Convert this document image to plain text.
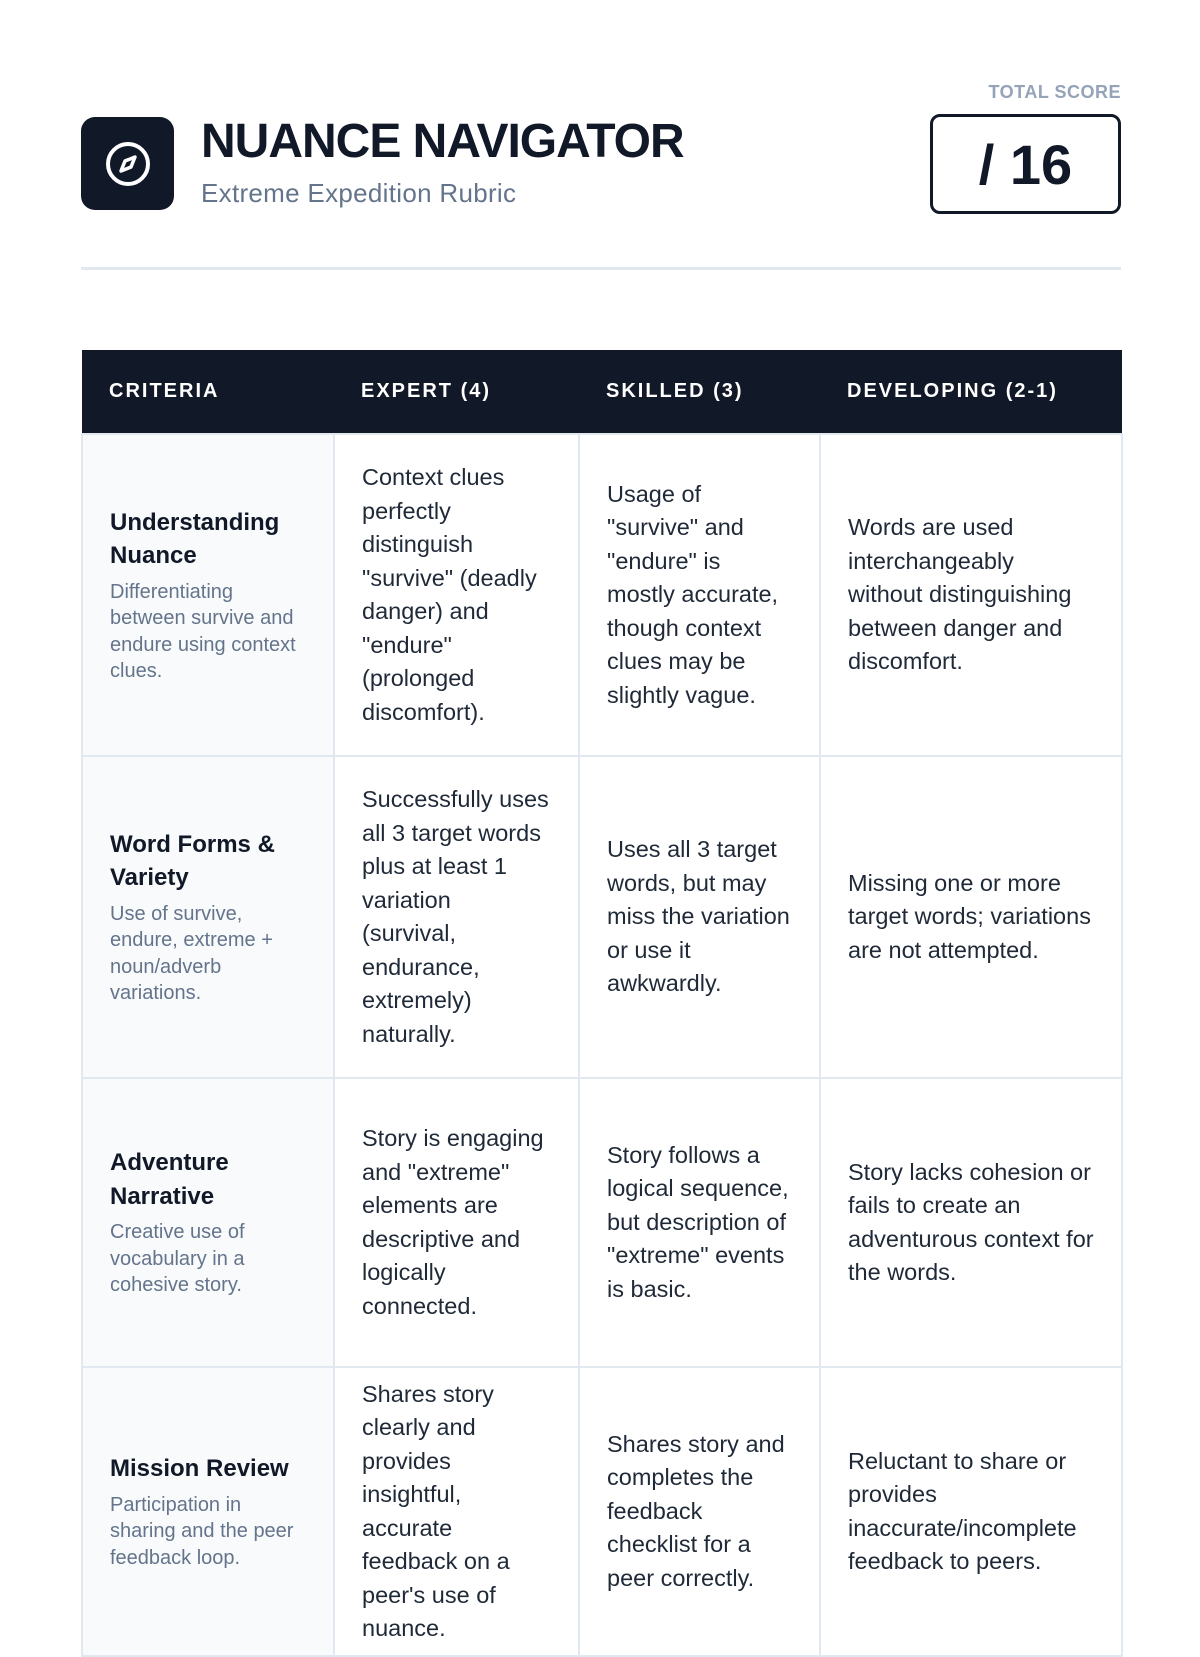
NUANCE NAVIGATOR
Extreme Expedition Rubric
TOTAL SCORE
/ 16
CRITERIA	EXPERT (4)	SKILLED (3)	DEVELOPING (2-1)

Understanding Nuance
Differentiating between survive and endure using context clues.	Context clues perfectly distinguish "survive" (deadly danger) and "endure" (prolonged discomfort).	Usage of "survive" and "endure" is mostly accurate, though context clues may be slightly vague.	Words are used interchangeably without distinguishing between danger and discomfort.

Word Forms & Variety
Use of survive, endure, extreme + noun/adverb variations.	Successfully uses all 3 target words plus at least 1 variation (survival, endurance, extremely) naturally.	Uses all 3 target words, but may miss the variation or use it awkwardly.	Missing one or more target words; variations are not attempted.

Adventure Narrative
Creative use of vocabulary in a cohesive story.	Story is engaging and "extreme" elements are descriptive and logically connected.	Story follows a logical sequence, but description of "extreme" events is basic.	Story lacks cohesion or fails to create an adventurous context for the words.

Mission Review
Participation in sharing and the peer feedback loop.	Shares story clearly and provides insightful, accurate feedback on a peer's use of nuance.	Shares story and completes the feedback checklist for a peer correctly.	Reluctant to share or provides inaccurate/incomplete feedback to peers.
